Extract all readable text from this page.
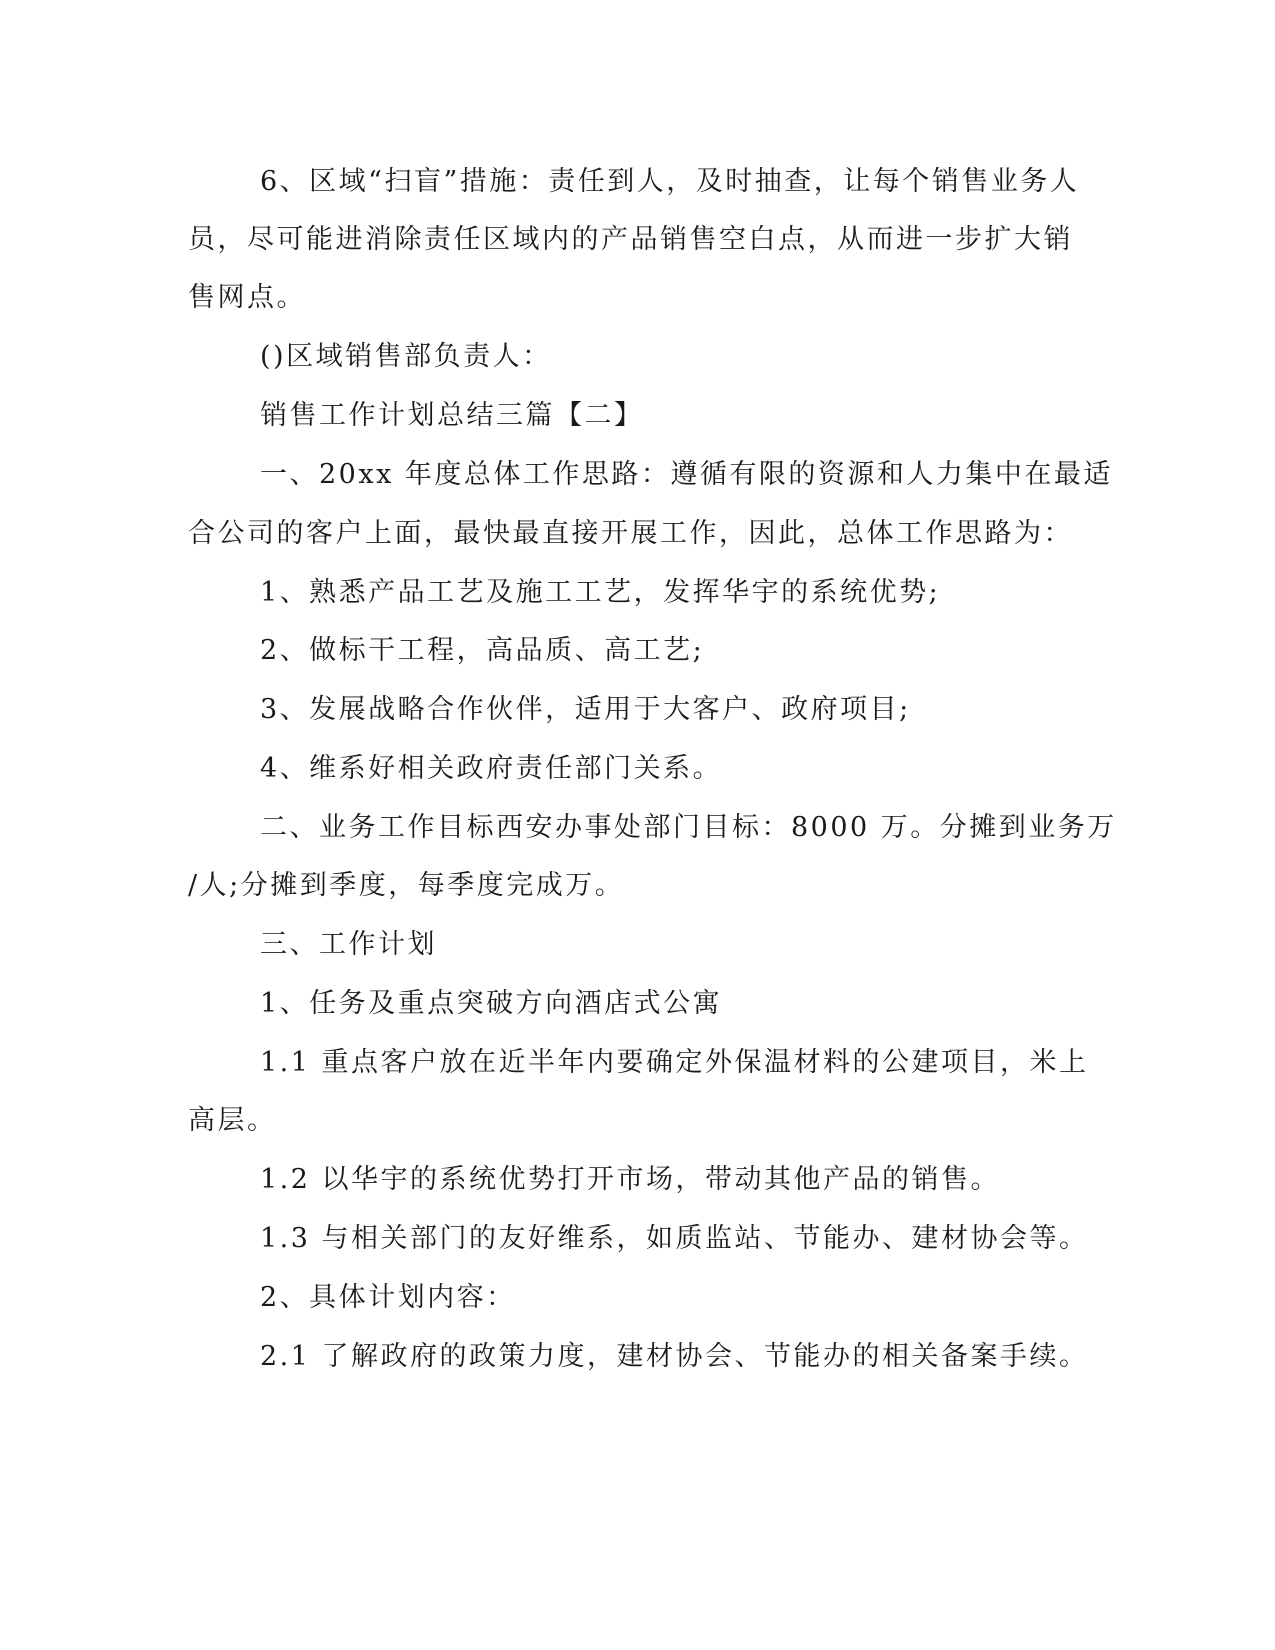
6、区域“扫盲”措施：责任到人，及时抽查，让每个销售业务人
员，尽可能进消除责任区域内的产品销售空白点，从而进一步扩大销
售网点。
()区域销售部负责人：
销售工作计划总结三篇【二】
一、20xx 年度总体工作思路：遵循有限的资源和人力集中在最适
合公司的客户上面，最快最直接开展工作，因此，总体工作思路为：
1、熟悉产品工艺及施工工艺，发挥华宇的系统优势;
2、做标干工程，高品质、高工艺;
3、发展战略合作伙伴，适用于大客户、政府项目;
4、维系好相关政府责任部门关系。
二、业务工作目标西安办事处部门目标：8000 万。分摊到业务万
/人;分摊到季度，每季度完成万。
三、工作计划
1、任务及重点突破方向酒店式公寓
1.1 重点客户放在近半年内要确定外保温材料的公建项目，米上
高层。
1.2 以华宇的系统优势打开市场，带动其他产品的销售。
1.3 与相关部门的友好维系，如质监站、节能办、建材协会等。
2、具体计划内容：
2.1 了解政府的政策力度，建材协会、节能办的相关备案手续。
